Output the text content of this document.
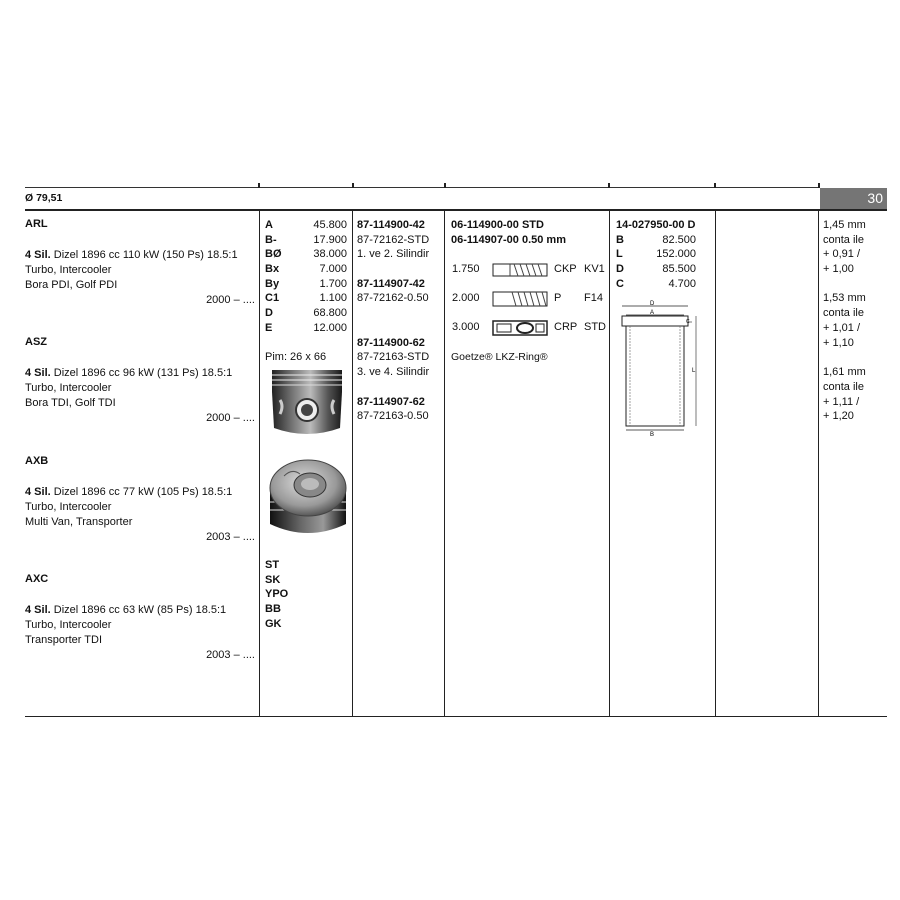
Ø 79,51	30
ARL
4 Sil. Dizel 1896 cc 110 kW (150 Ps) 18.5:1
Turbo, Intercooler
Bora PDI, Golf PDI
2000 – ....
ASZ
4 Sil. Dizel 1896 cc 96 kW (131 Ps) 18.5:1
Turbo, Intercooler
Bora TDI, Golf TDI
2000 – ....
AXB
4 Sil. Dizel 1896 cc 77 kW (105 Ps) 18.5:1
Turbo, Intercooler
Multi Van, Transporter
2003 – ....
AXC
4 Sil. Dizel 1896 cc 63 kW (85 Ps) 18.5:1
Turbo, Intercooler
Transporter TDI
2003 – ....
A	45.800
B-	17.900
BØ	38.000
Bx	7.000
By	1.700
C1	1.100
D	68.800
E	12.000
Pim: 26 x 66
ST
SK
YPO
BB
GK
87-114900-42
87-72162-STD
1. ve 2. Silindir
87-114907-42
87-72162-0.50
87-114900-62
87-72163-STD
3. ve 4. Silindir
87-114907-62
87-72163-0.50
06-114900-00 STD
06-114907-00 0.50 mm
1.750	CKP KV1
2.000	P F14
3.000	CRP STD
Goetze® LKZ-Ring®
14-027950-00 D
B	82.500
L	152.000
D	85.500
C	4.700
D
A
C
L
B
1,45 mm
conta ile
+ 0,91 /
+ 1,00
1,53 mm
conta ile
+ 1,01 /
+ 1,10
1,61 mm
conta ile
+ 1,11 /
+ 1,20
